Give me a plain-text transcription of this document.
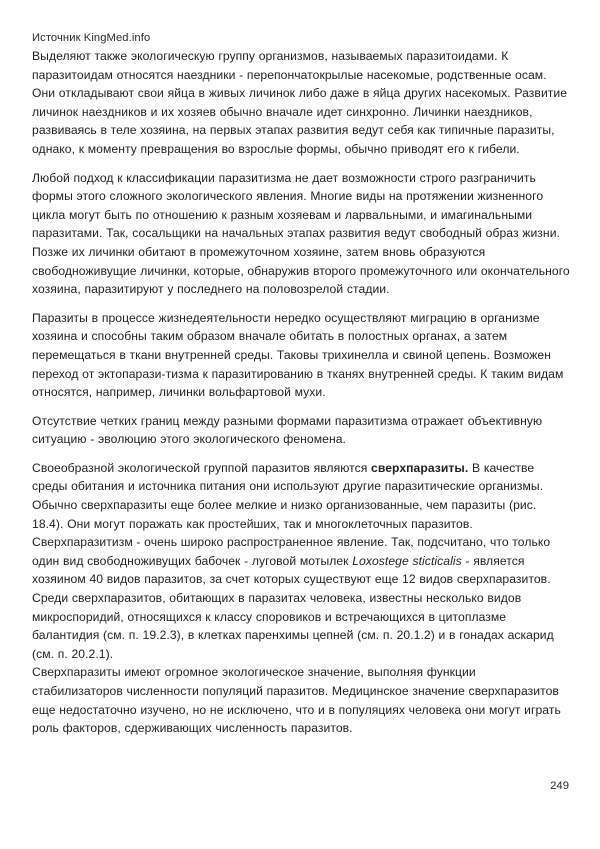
Источник KingMed.info

Выделяют также экологическую группу организмов, называемых паразитоидами. К паразитоидам относятся наездники - перепончатокрылые насекомые, родственные осам. Они откладывают свои яйца в живых личинок либо даже в яйца других насекомых. Развитие личинок наездников и их хозяев обычно вначале идет синхронно. Личинки наездников, развиваясь в теле хозяина, на первых этапах развития ведут себя как типичные паразиты, однако, к моменту превращения во взрослые формы, обычно приводят его к гибели.

Любой подход к классификации паразитизма не дает возможности строго разграничить формы этого сложного экологического явления. Многие виды на протяжении жизненного цикла могут быть по отношению к разным хозяевам и ларвальными, и имагинальными паразитами. Так, сосальщики на начальных этапах развития ведут свободный образ жизни. Позже их личинки обитают в промежуточном хозяине, затем вновь образуются свободноживущие личинки, которые, обнаружив второго промежуточного или окончательного хозяина, паразитируют у последнего на половозрелой стадии.

Паразиты в процессе жизнедеятельности нередко осуществляют миграцию в организме хозяина и способны таким образом вначале обитать в полостных органах, а затем перемещаться в ткани внутренней среды. Таковы трихинелла и свиной цепень. Возможен переход от эктопарази-тизма к паразитированию в тканях внутренней среды. К таким видам относятся, например, личинки вольфартовой мухи.

Отсутствие четких границ между разными формами паразитизма отражает объективную ситуацию - эволюцию этого экологического феномена.

Своеобразной экологической группой паразитов являются сверхпаразиты. В качестве среды обитания и источника питания они используют другие паразитические организмы. Обычно сверхпаразиты еще более мелкие и низко организованные, чем паразиты (рис. 18.4). Они могут поражать как простейших, так и многоклеточных паразитов. Сверхпаразитизм - очень широко распространенное явление. Так, подсчитано, что только один вид свободноживущих бабочек - луговой мотылек Loxostege sticticalis - является хозяином 40 видов паразитов, за счет которых существуют еще 12 видов сверхпаразитов. Среди сверхпаразитов, обитающих в паразитах человека, известны несколько видов микроспоридий, относящихся к классу споровиков и встречающихся в цитоплазме балантидия (см. п. 19.2.3), в клетках паренхимы цепней (см. п. 20.1.2) и в гонадах аскарид (см. п. 20.2.1).

Сверхпаразиты имеют огромное экологическое значение, выполняя функции стабилизаторов численности популяций паразитов. Медицинское значение сверхпаразитов еще недостаточно изучено, но не исключено, что и в популяциях человека они могут играть роль факторов, сдерживающих численность паразитов.

249
